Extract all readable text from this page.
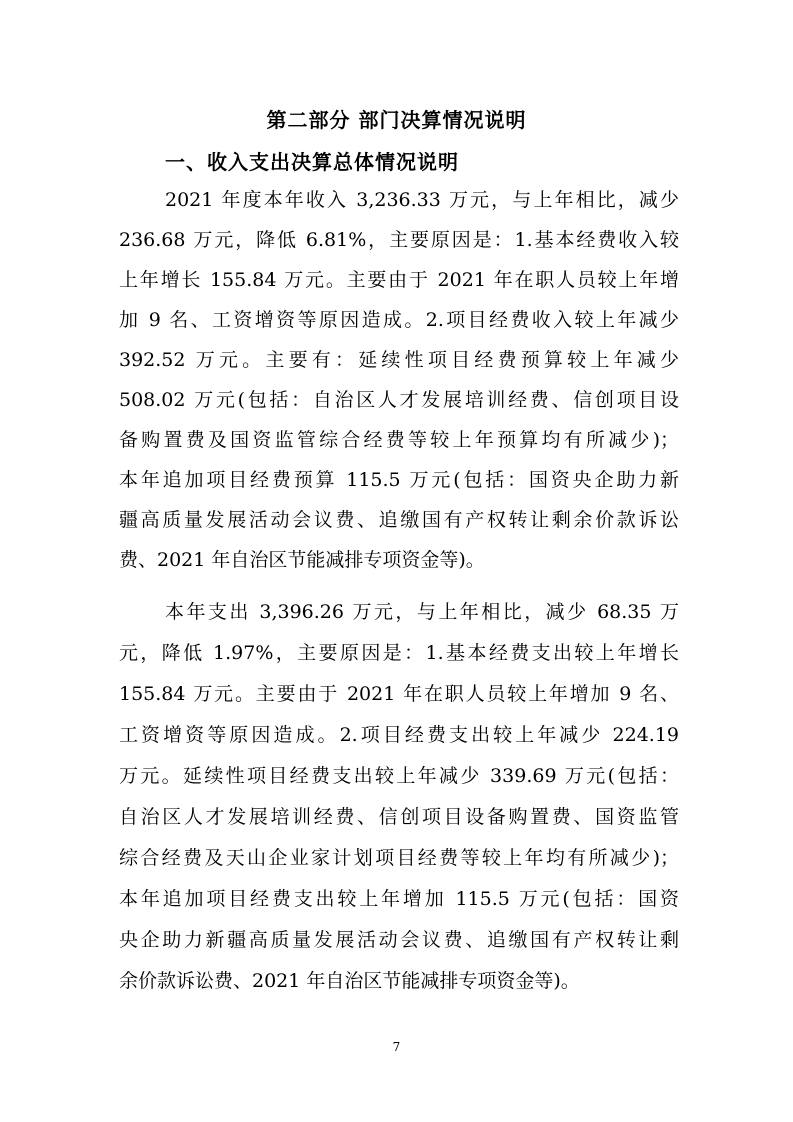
第二部分 部门决算情况说明
一、收入支出决算总体情况说明
2021 年度本年收入 3,236.33 万元，与上年相比，减少
236.68 万元，降低 6.81%，主要原因是：1.基本经费收入较
上年增长 155.84 万元。主要由于 2021 年在职人员较上年增
加 9 名、工资增资等原因造成。2.项目经费收入较上年减少
392.52 万元。主要有：延续性项目经费预算较上年减少
508.02 万元(包括：自治区人才发展培训经费、信创项目设
备购置费及国资监管综合经费等较上年预算均有所减少)；
本年追加项目经费预算 115.5 万元(包括：国资央企助力新
疆高质量发展活动会议费、追缴国有产权转让剩余价款诉讼
费、2021 年自治区节能减排专项资金等)。
本年支出 3,396.26 万元，与上年相比，减少 68.35 万
元，降低 1.97%，主要原因是：1.基本经费支出较上年增长
155.84 万元。主要由于 2021 年在职人员较上年增加 9 名、
工资增资等原因造成。2.项目经费支出较上年减少 224.19
万元。延续性项目经费支出较上年减少 339.69 万元(包括：
自治区人才发展培训经费、信创项目设备购置费、国资监管
综合经费及天山企业家计划项目经费等较上年均有所减少)；
本年追加项目经费支出较上年增加 115.5 万元(包括：国资
央企助力新疆高质量发展活动会议费、追缴国有产权转让剩
余价款诉讼费、2021 年自治区节能减排专项资金等)。
7
